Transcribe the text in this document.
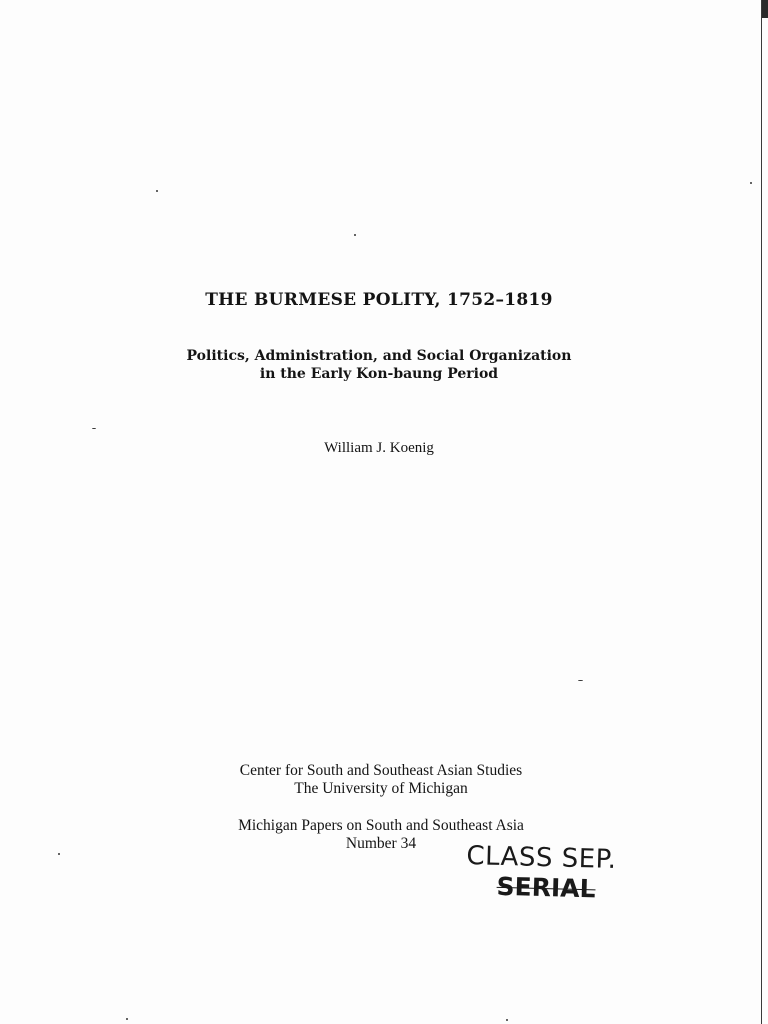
THE BURMESE POLITY, 1752–1819
Politics, Administration, and Social Organization
in the Early Kon-baung Period
William J. Koenig
Center for South and Southeast Asian Studies
The University of Michigan
Michigan Papers on South and Southeast Asia
Number 34	CLASS SEP.
SERIAL
